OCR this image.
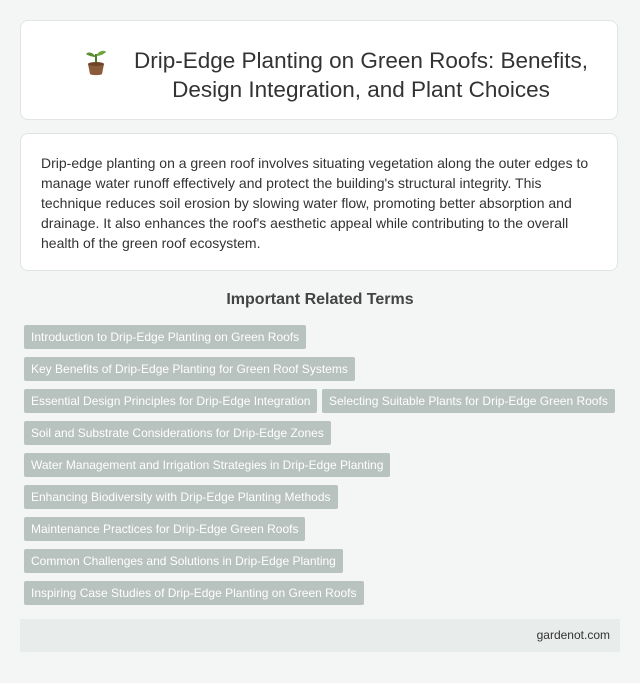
Drip-Edge Planting on Green Roofs: Benefits, Design Integration, and Plant Choices

Drip-edge planting on a green roof involves situating vegetation along the outer edges to manage water runoff effectively and protect the building's structural integrity. This technique reduces soil erosion by slowing water flow, promoting better absorption and drainage. It also enhances the roof's aesthetic appeal while contributing to the overall health of the green roof ecosystem.

Important Related Terms
Introduction to Drip-Edge Planting on Green Roofs
Key Benefits of Drip-Edge Planting for Green Roof Systems
Essential Design Principles for Drip-Edge Integration	Selecting Suitable Plants for Drip-Edge Green Roofs
Soil and Substrate Considerations for Drip-Edge Zones
Water Management and Irrigation Strategies in Drip-Edge Planting
Enhancing Biodiversity with Drip-Edge Planting Methods
Maintenance Practices for Drip-Edge Green Roofs
Common Challenges and Solutions in Drip-Edge Planting
Inspiring Case Studies of Drip-Edge Planting on Green Roofs
gardenot.com
